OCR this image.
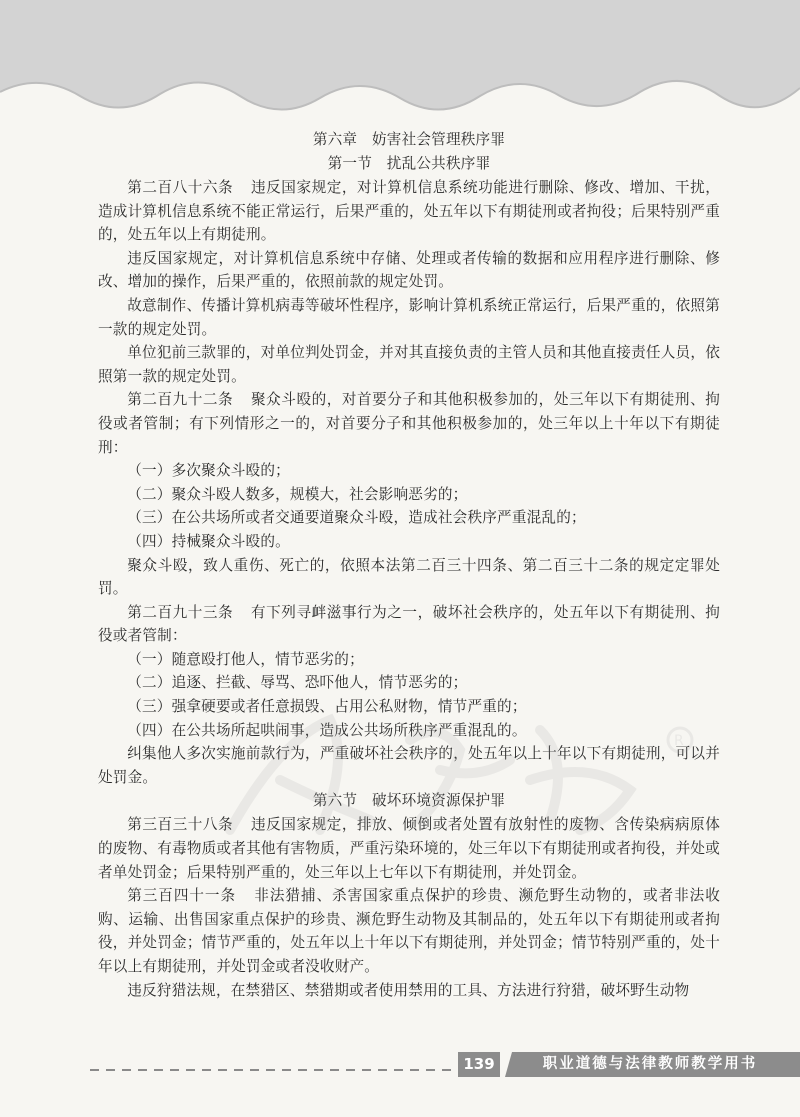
第六章　妨害社会管理秩序罪
第一节　扰乱公共秩序罪

第二百八十六条 违反国家规定，对计算机信息系统功能进行删除、修改、增加、干扰，造成计算机信息系统不能正常运行，后果严重的，处五年以下有期徒刑或者拘役；后果特别严重的，处五年以上有期徒刑。

违反国家规定，对计算机信息系统中存储、处理或者传输的数据和应用程序进行删除、修改、增加的操作，后果严重的，依照前款的规定处罚。

故意制作、传播计算机病毒等破坏性程序，影响计算机系统正常运行，后果严重的，依照第一款的规定处罚。

单位犯前三款罪的，对单位判处罚金，并对其直接负责的主管人员和其他直接责任人员，依照第一款的规定处罚。

第二百九十二条 聚众斗殴的，对首要分子和其他积极参加的，处三年以下有期徒刑、拘役或者管制；有下列情形之一的，对首要分子和其他积极参加的，处三年以上十年以下有期徒刑：

（一）多次聚众斗殴的；

（二）聚众斗殴人数多，规模大，社会影响恶劣的；

（三）在公共场所或者交通要道聚众斗殴，造成社会秩序严重混乱的；

（四）持械聚众斗殴的。

聚众斗殴，致人重伤、死亡的，依照本法第二百三十四条、第二百三十二条的规定定罪处罚。

第二百九十三条 有下列寻衅滋事行为之一，破坏社会秩序的，处五年以下有期徒刑、拘役或者管制：

（一）随意殴打他人，情节恶劣的；

（二）追逐、拦截、辱骂、恐吓他人，情节恶劣的；

（三）强拿硬要或者任意损毁、占用公私财物，情节严重的；

（四）在公共场所起哄闹事，造成公共场所秩序严重混乱的。

纠集他人多次实施前款行为，严重破坏社会秩序的，处五年以上十年以下有期徒刑，可以并处罚金。

第六节　破坏环境资源保护罪

第三百三十八条 违反国家规定，排放、倾倒或者处置有放射性的废物、含传染病病原体的废物、有毒物质或者其他有害物质，严重污染环境的，处三年以下有期徒刑或者拘役，并处或者单处罚金；后果特别严重的，处三年以上七年以下有期徒刑，并处罚金。

第三百四十一条 非法猎捕、杀害国家重点保护的珍贵、濒危野生动物的，或者非法收购、运输、出售国家重点保护的珍贵、濒危野生动物及其制品的，处五年以下有期徒刑或者拘役，并处罚金；情节严重的，处五年以上十年以下有期徒刑，并处罚金；情节特别严重的，处十年以上有期徒刑，并处罚金或者没收财产。

违反狩猎法规，在禁猎区、禁猎期或者使用禁用的工具、方法进行狩猎，破坏野生动物

R
139	职业道德与法律教师教学用书
